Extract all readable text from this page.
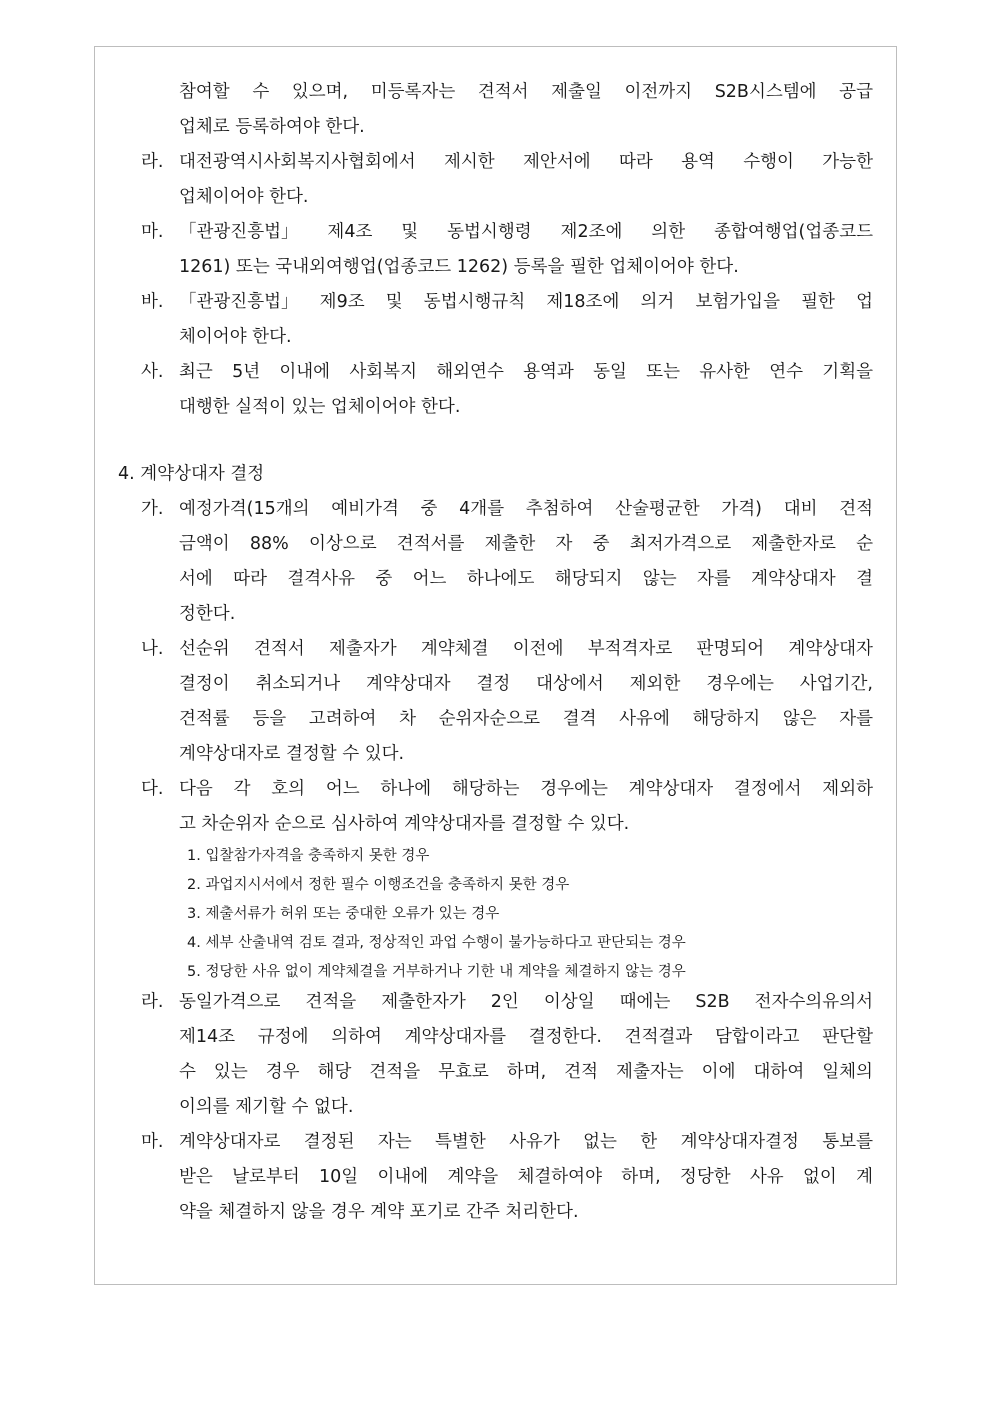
참여할 수 있으며, 미등록자는 견적서 제출일 이전까지 S2B시스템에 공급
업체로 등록하여야 한다.
라. 대전광역시사회복지사협회에서 제시한 제안서에 따라 용역 수행이 가능한
업체이어야 한다.
마. 「관광진흥법」 제4조 및 동법시행령 제2조에 의한 종합여행업(업종코드
1261) 또는 국내외여행업(업종코드 1262) 등록을 필한 업체이어야 한다.
바. 「관광진흥법」 제9조 및 동법시행규칙 제18조에 의거 보험가입을 필한 업
체이어야 한다.
사. 최근 5년 이내에 사회복지 해외연수 용역과 동일 또는 유사한 연수 기획을
대행한 실적이 있는 업체이어야 한다.
4. 계약상대자 결정
가. 예정가격(15개의 예비가격 중 4개를 추첨하여 산술평균한 가격) 대비 견적
금액이 88% 이상으로 견적서를 제출한 자 중 최저가격으로 제출한자로 순
서에 따라 결격사유 중 어느 하나에도 해당되지 않는 자를 계약상대자 결
정한다.
나. 선순위 견적서 제출자가 계약체결 이전에 부적격자로 판명되어 계약상대자
결정이 취소되거나 계약상대자 결정 대상에서 제외한 경우에는 사업기간,
견적률 등을 고려하여 차 순위자순으로 결격 사유에 해당하지 않은 자를
계약상대자로 결정할 수 있다.
다. 다음 각 호의 어느 하나에 해당하는 경우에는 계약상대자 결정에서 제외하
고 차순위자 순으로 심사하여 계약상대자를 결정할 수 있다.
1. 입찰참가자격을 충족하지 못한 경우
2. 과업지시서에서 정한 필수 이행조건을 충족하지 못한 경우
3. 제출서류가 허위 또는 중대한 오류가 있는 경우
4. 세부 산출내역 검토 결과, 정상적인 과업 수행이 불가능하다고 판단되는 경우
5. 정당한 사유 없이 계약체결을 거부하거나 기한 내 계약을 체결하지 않는 경우
라. 동일가격으로 견적을 제출한자가 2인 이상일 때에는 S2B 전자수의유의서
제14조 규정에 의하여 계약상대자를 결정한다. 견적결과 담합이라고 판단할
수 있는 경우 해당 견적을 무효로 하며, 견적 제출자는 이에 대하여 일체의
이의를 제기할 수 없다.
마. 계약상대자로 결정된 자는 특별한 사유가 없는 한 계약상대자결정 통보를
받은 날로부터 10일 이내에 계약을 체결하여야 하며, 정당한 사유 없이 계
약을 체결하지 않을 경우 계약 포기로 간주 처리한다.
